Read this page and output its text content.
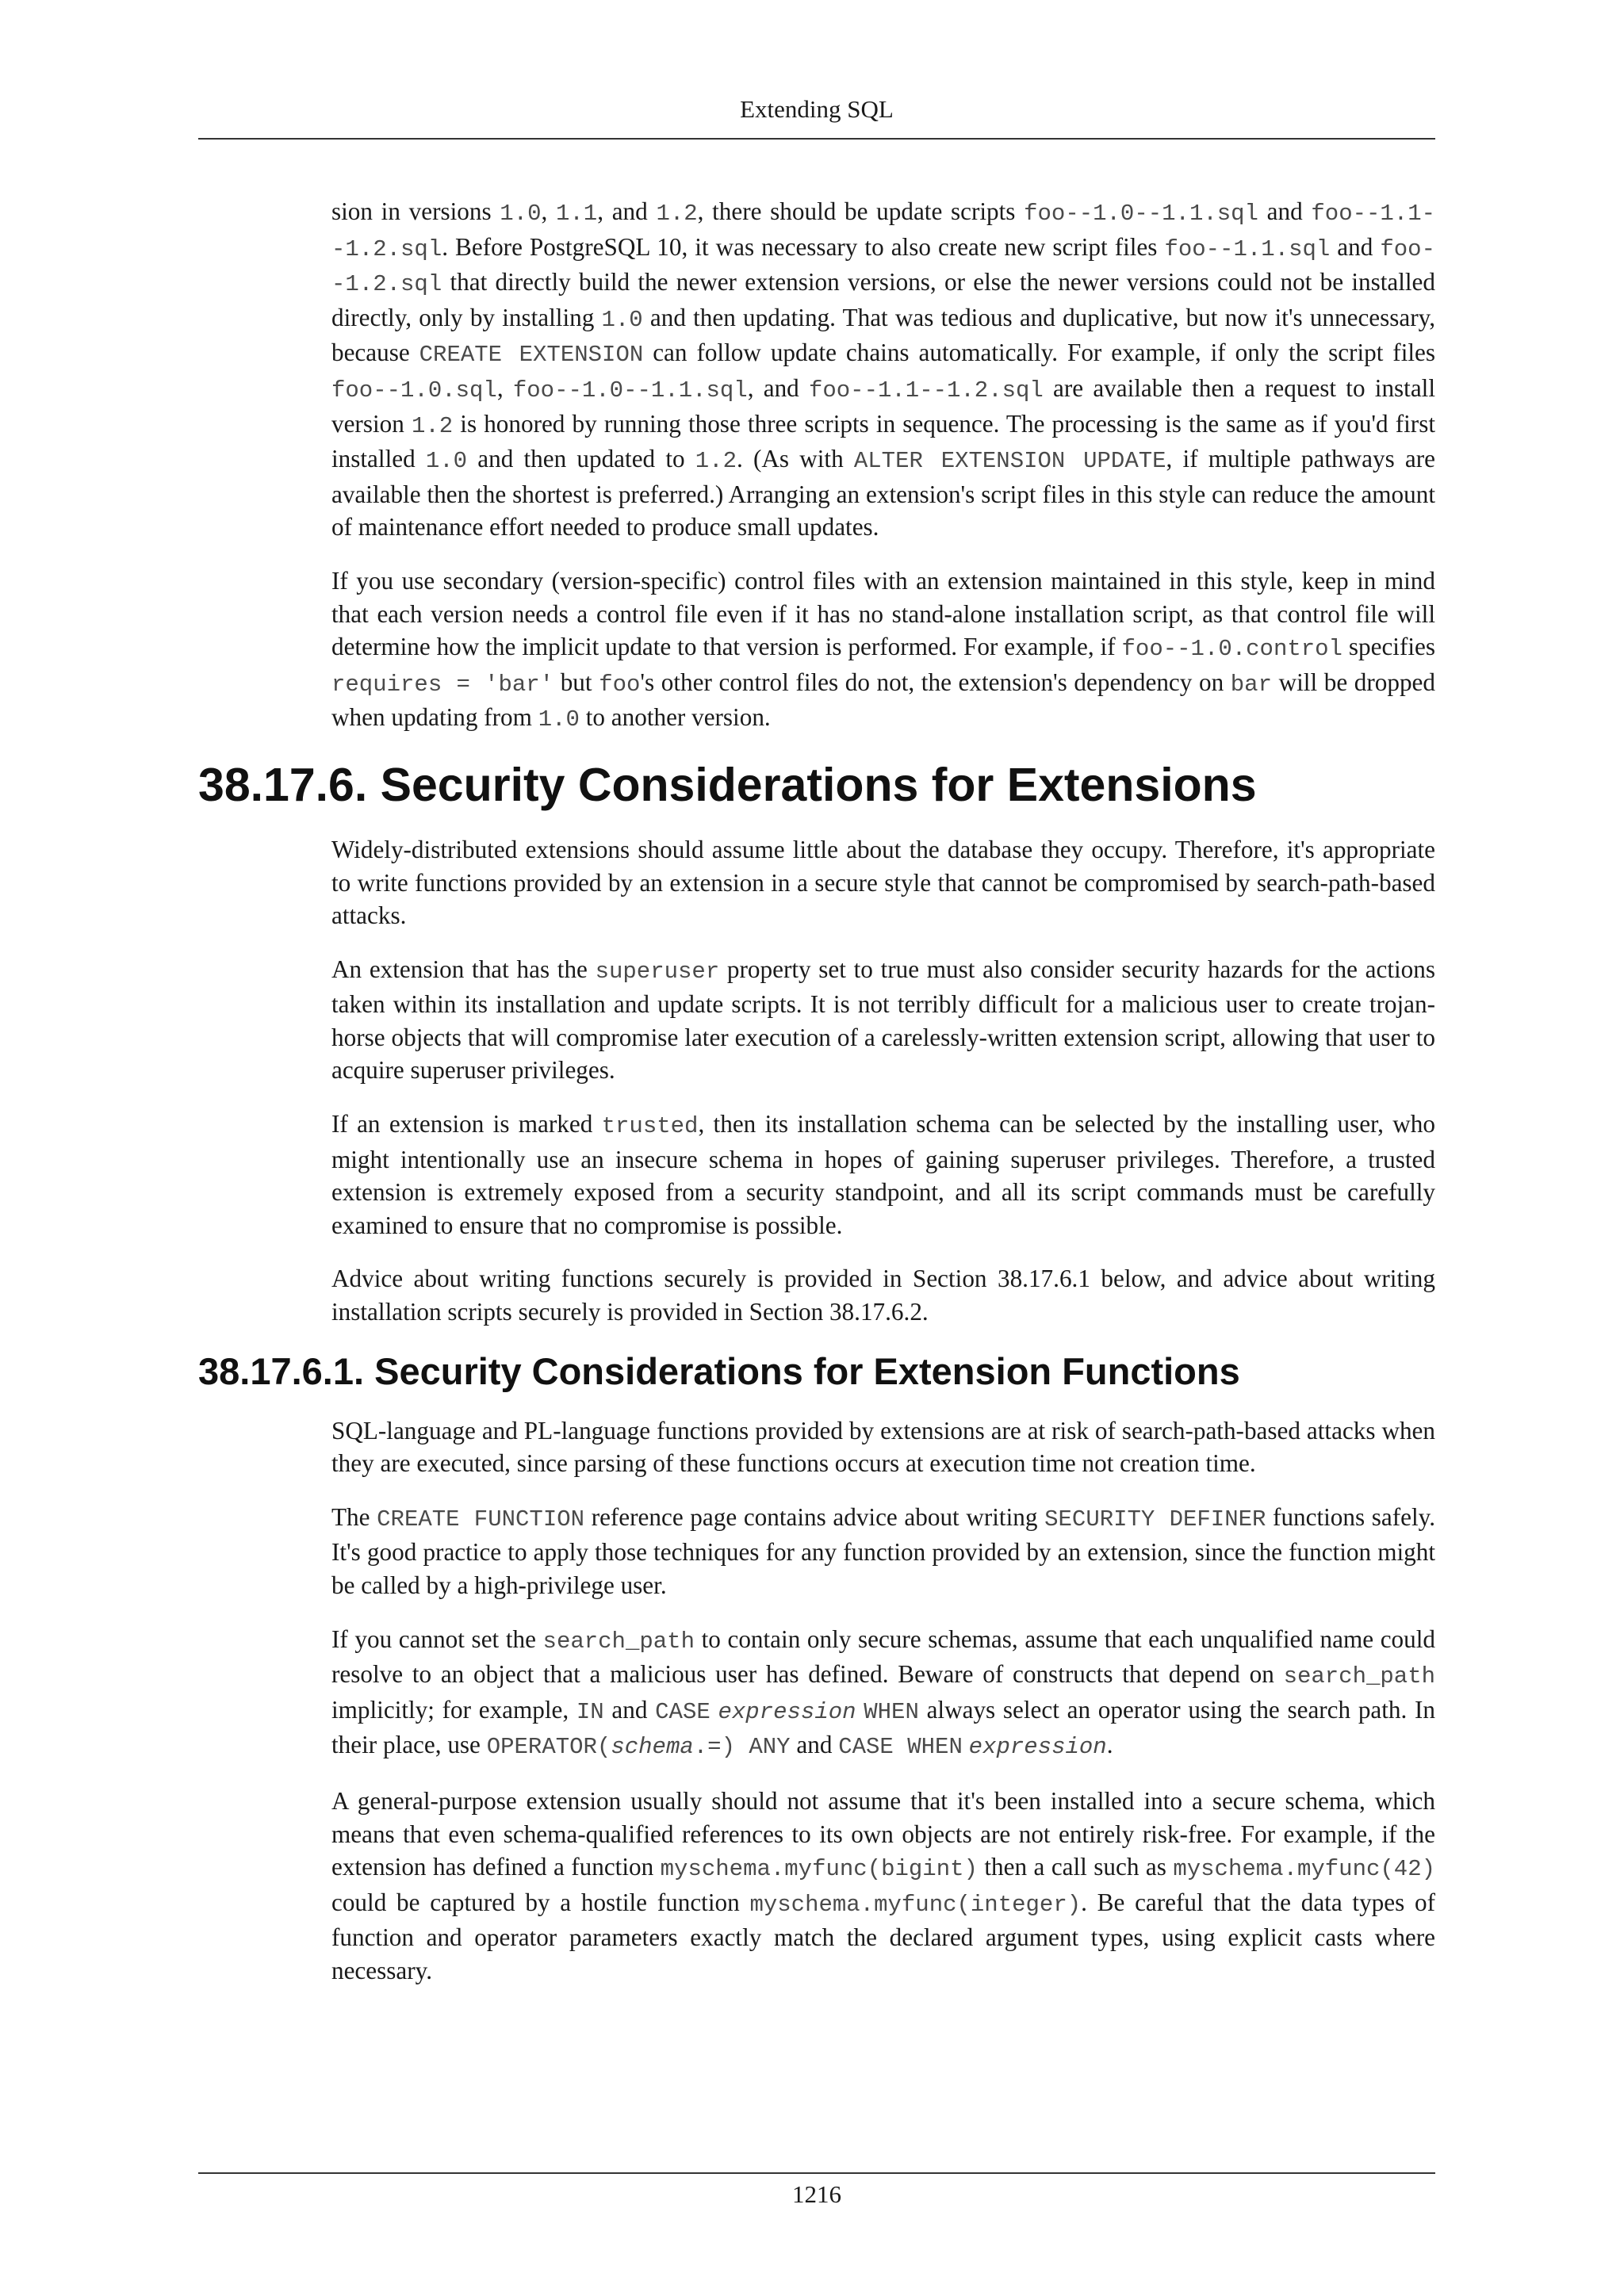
Extending SQL

sion in versions 1.0, 1.1, and 1.2, there should be update scripts foo--1.0--1.1.sql and foo--1.1--1.2.sql. Before PostgreSQL 10, it was necessary to also create new script files foo--1.1.sql and foo--1.2.sql that directly build the newer extension versions, or else the newer versions could not be installed directly, only by installing 1.0 and then updating. That was tedious and duplicative, but now it's unnecessary, because CREATE EXTENSION can follow update chains automatically. For example, if only the script files foo--1.0.sql, foo--1.0--1.1.sql, and foo--1.1--1.2.sql are available then a request to install version 1.2 is honored by running those three scripts in sequence. The processing is the same as if you'd first installed 1.0 and then updated to 1.2. (As with ALTER EXTENSION UPDATE, if multiple pathways are available then the shortest is preferred.) Arranging an extension's script files in this style can reduce the amount of maintenance effort needed to produce small updates.

If you use secondary (version-specific) control files with an extension maintained in this style, keep in mind that each version needs a control file even if it has no stand-alone installation script, as that control file will determine how the implicit update to that version is performed. For example, if foo--1.0.control specifies requires = 'bar' but foo's other control files do not, the extension's dependency on bar will be dropped when updating from 1.0 to another version.

38.17.6. Security Considerations for Extensions

Widely-distributed extensions should assume little about the database they occupy. Therefore, it's appropriate to write functions provided by an extension in a secure style that cannot be compromised by search-path-based attacks.

An extension that has the superuser property set to true must also consider security hazards for the actions taken within its installation and update scripts. It is not terribly difficult for a malicious user to create trojan-horse objects that will compromise later execution of a carelessly-written extension script, allowing that user to acquire superuser privileges.

If an extension is marked trusted, then its installation schema can be selected by the installing user, who might intentionally use an insecure schema in hopes of gaining superuser privileges. Therefore, a trusted extension is extremely exposed from a security standpoint, and all its script commands must be carefully examined to ensure that no compromise is possible.

Advice about writing functions securely is provided in Section 38.17.6.1 below, and advice about writing installation scripts securely is provided in Section 38.17.6.2.

38.17.6.1. Security Considerations for Extension Functions

SQL-language and PL-language functions provided by extensions are at risk of search-path-based attacks when they are executed, since parsing of these functions occurs at execution time not creation time.

The CREATE FUNCTION reference page contains advice about writing SECURITY DEFINER functions safely. It's good practice to apply those techniques for any function provided by an extension, since the function might be called by a high-privilege user.

If you cannot set the search_path to contain only secure schemas, assume that each unqualified name could resolve to an object that a malicious user has defined. Beware of constructs that depend on search_path implicitly; for example, IN and CASE expression WHEN always select an operator using the search path. In their place, use OPERATOR(schema.=) ANY and CASE WHEN expression.

A general-purpose extension usually should not assume that it's been installed into a secure schema, which means that even schema-qualified references to its own objects are not entirely risk-free. For example, if the extension has defined a function myschema.myfunc(bigint) then a call such as myschema.myfunc(42) could be captured by a hostile function myschema.myfunc(integer). Be careful that the data types of function and operator parameters exactly match the declared argument types, using explicit casts where necessary.

1216
